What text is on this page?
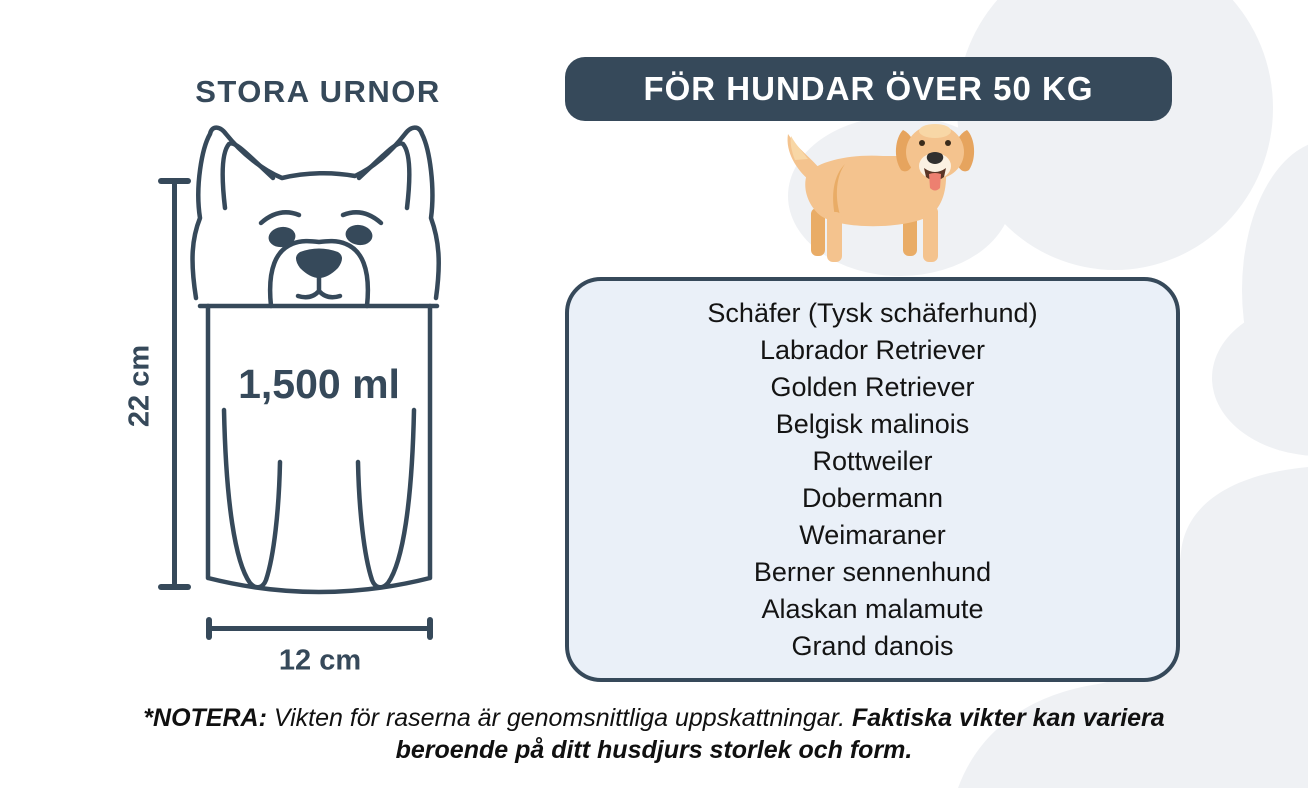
STORA URNOR
1,500 ml
22 cm
12 cm
FÖR HUNDAR ÖVER 50 KG
Schäfer (Tysk schäferhund)
Labrador Retriever
Golden Retriever
Belgisk malinois
Rottweiler
Dobermann
Weimaraner
Berner sennenhund
Alaskan malamute
Grand danois
*NOTERA: Vikten för raserna är genomsnittliga uppskattningar. Faktiska vikter kan variera beroende på ditt husdjurs storlek och form.
